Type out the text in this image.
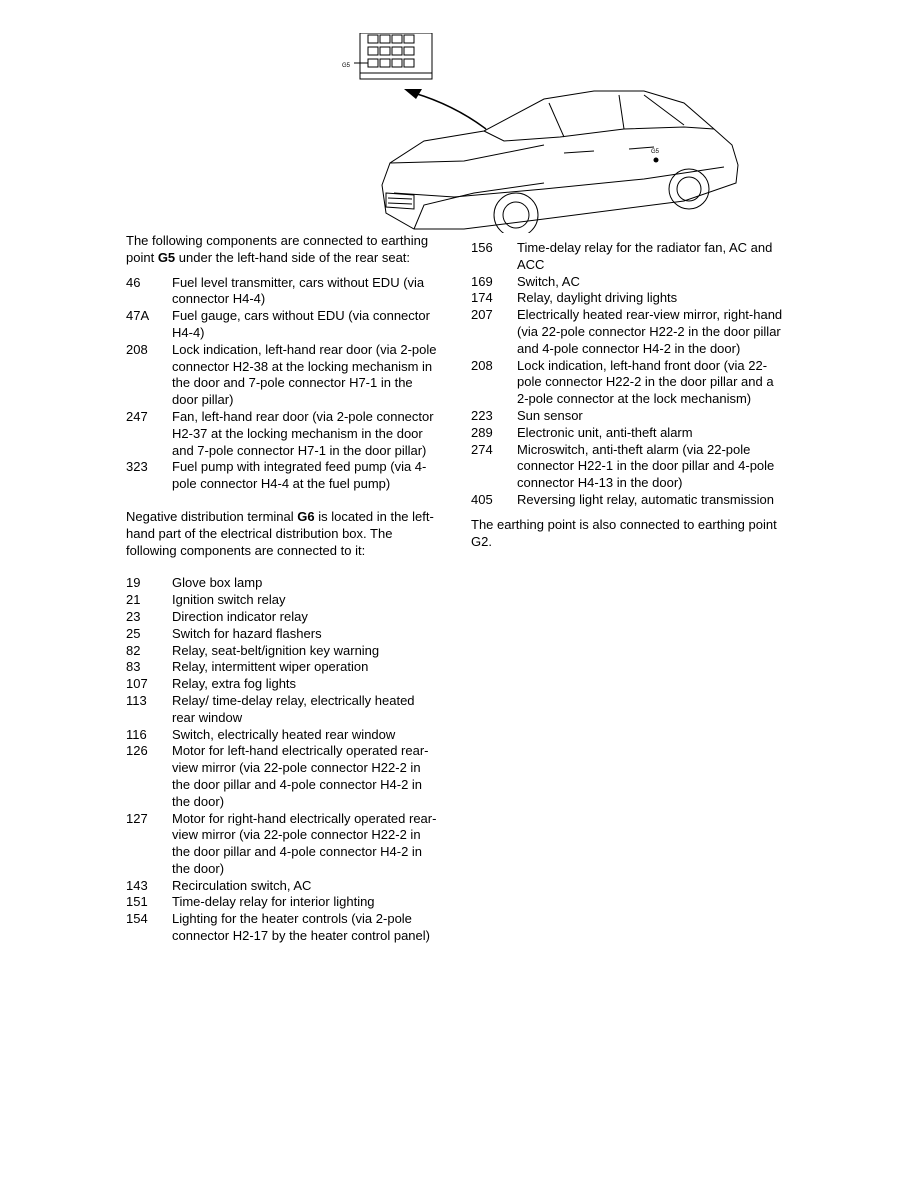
G5
G5

The following components are connected to earthing point G5 under the left-hand side of the rear seat:

46	Fuel level transmitter, cars without EDU (via connector H4-4)
47A	Fuel gauge, cars without EDU (via connector H4-4)
208	Lock indication, left-hand rear door (via 2-pole connector H2-38 at the locking mechanism in the door and 7-pole connector H7-1 in the door pillar)
247	Fan, left-hand rear door (via 2-pole connector H2-37 at the locking mechanism in the door and 7-pole connector H7-1 in the door pillar)
323	Fuel pump with integrated feed pump (via 4-pole connector H4-4 at the fuel pump)

Negative distribution terminal G6 is located in the left-hand part of the electrical distribution box. The following components are connected to it:

19	Glove box lamp
21	Ignition switch relay
23	Direction indicator relay
25	Switch for hazard flashers
82	Relay, seat-belt/ignition key warning
83	Relay, intermittent wiper operation
107	Relay, extra fog lights
113	Relay/ time-delay relay, electrically heated rear window
116	Switch, electrically heated rear window
126	Motor for left-hand electrically operated rear-view mirror (via 22-pole connector H22-2 in the door pillar and 4-pole connector H4-2 in the door)
127	Motor for right-hand electrically operated rear-view mirror (via 22-pole connector H22-2 in the door pillar and 4-pole connector H4-2 in the door)
143	Recirculation switch, AC
151	Time-delay relay for interior lighting
154	Lighting for the heater controls (via 2-pole connector H2-17 by the heater control panel)
156	Time-delay relay for the radiator fan, AC and ACC
169	Switch, AC
174	Relay, daylight driving lights
207	Electrically heated rear-view mirror, right-hand (via 22-pole connector H22-2 in the door pillar and 4-pole connector H4-2 in the door)
208	Lock indication, left-hand front door (via 22- pole connector H22-2 in the door pillar and a 2-pole connector at the lock mechanism)
223	Sun sensor
289	Electronic unit, anti-theft alarm
274	Microswitch, anti-theft alarm (via 22-pole connector H22-1 in the door pillar and 4-pole connector H4-13 in the door)
405	Reversing light relay, automatic transmission

The earthing point is also connected to earthing point G2.
